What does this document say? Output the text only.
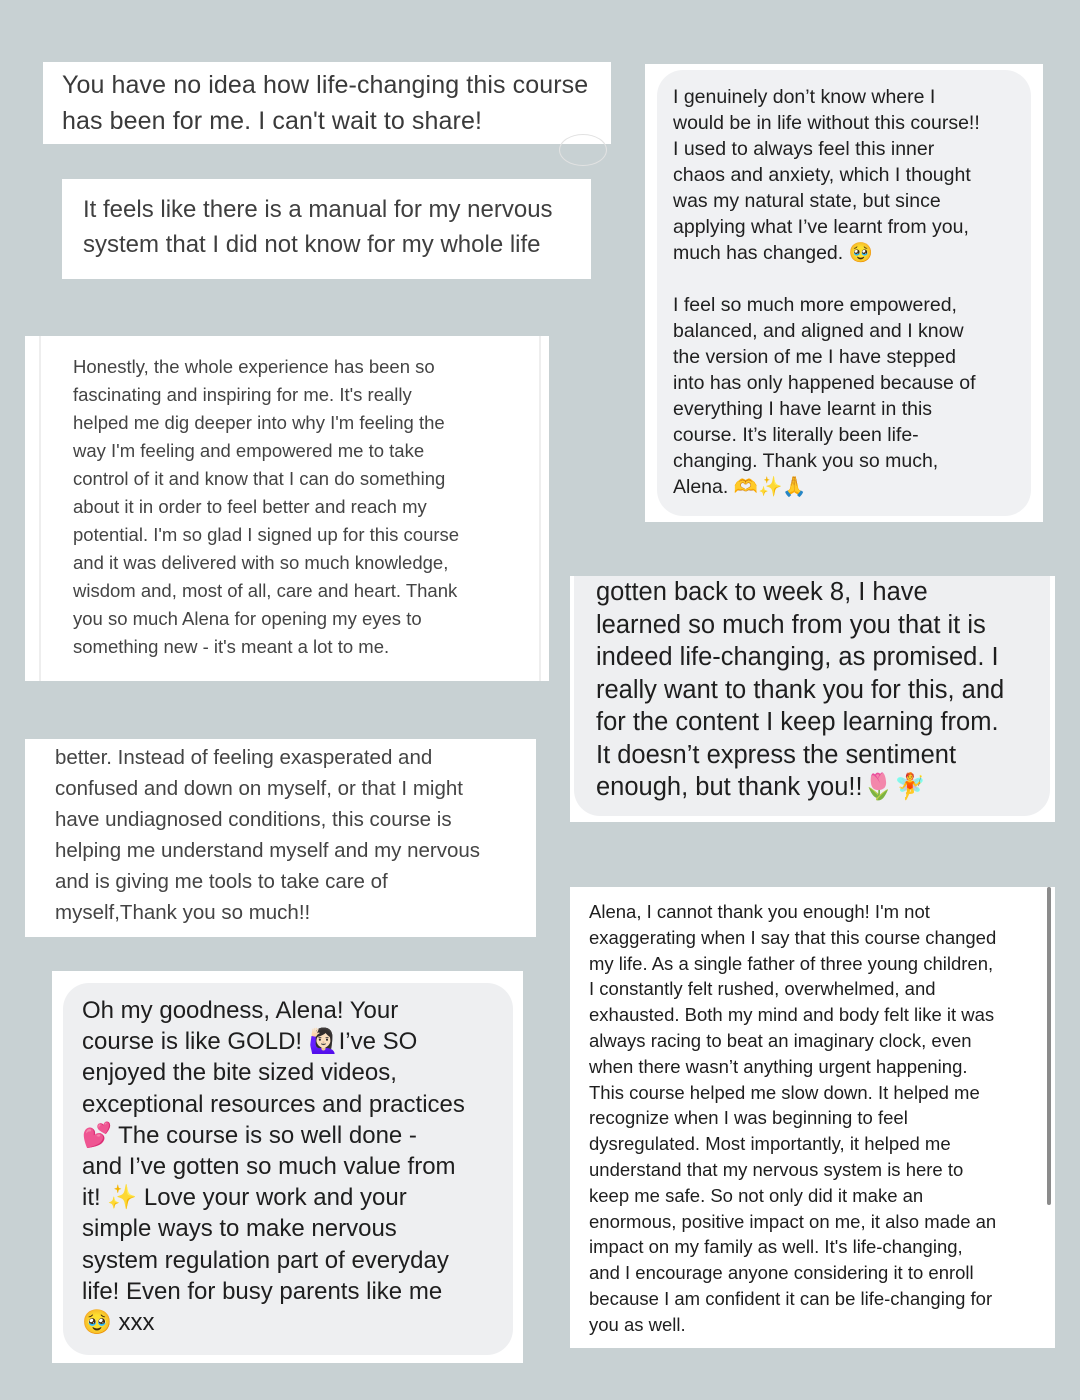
You have no idea how life-changing this course
has been for me. I can't wait to share!

It feels like there is a manual for my nervous
system that I did not know for my whole life

Honestly, the whole experience has been so
fascinating and inspiring for me. It's really
helped me dig deeper into why I'm feeling the
way I'm feeling and empowered me to take
control of it and know that I can do something
about it in order to feel better and reach my
potential. I'm so glad I signed up for this course
and it was delivered with so much knowledge,
wisdom and, most of all, care and heart. Thank
you so much Alena for opening my eyes to
something new - it's meant a lot to me.

I genuinely don’t know where I
would be in life without this course!!
I used to always feel this inner
chaos and anxiety, which I thought
was my natural state, but since
applying what I’ve learnt from you,
much has changed. 🥹

I feel so much more empowered,
balanced, and aligned and I know
the version of me I have stepped
into has only happened because of
everything I have learnt in this
course. It’s literally been life-
changing. Thank you so much,
Alena. 🫶✨🙏

gotten back to week 8, I have
learned so much from you that it is
indeed life-changing, as promised. I
really want to thank you for this, and
for the content I keep learning from.
It doesn’t express the sentiment
enough, but thank you!!🌷🧚

better. Instead of feeling exasperated and
confused and down on myself, or that I might
have undiagnosed conditions, this course is
helping me understand myself and my nervous
and is giving me tools to take care of
myself,Thank you so much!!

Oh my goodness, Alena! Your
course is like GOLD! 🙋🏻‍♀️I’ve SO
enjoyed the bite sized videos,
exceptional resources and practices
💕 The course is so well done -
and I’ve gotten so much value from
it! ✨ Love your work and your
simple ways to make nervous
system regulation part of everyday
life! Even for busy parents like me
🥹 xxx

Alena, I cannot thank you enough! I'm not
exaggerating when I say that this course changed
my life. As a single father of three young children,
I constantly felt rushed, overwhelmed, and
exhausted. Both my mind and body felt like it was
always racing to beat an imaginary clock, even
when there wasn’t anything urgent happening.
This course helped me slow down. It helped me
recognize when I was beginning to feel
dysregulated. Most importantly, it helped me
understand that my nervous system is here to
keep me safe. So not only did it make an
enormous, positive impact on me, it also made an
impact on my family as well. It's life-changing,
and I encourage anyone considering it to enroll
because I am confident it can be life-changing for
you as well.
